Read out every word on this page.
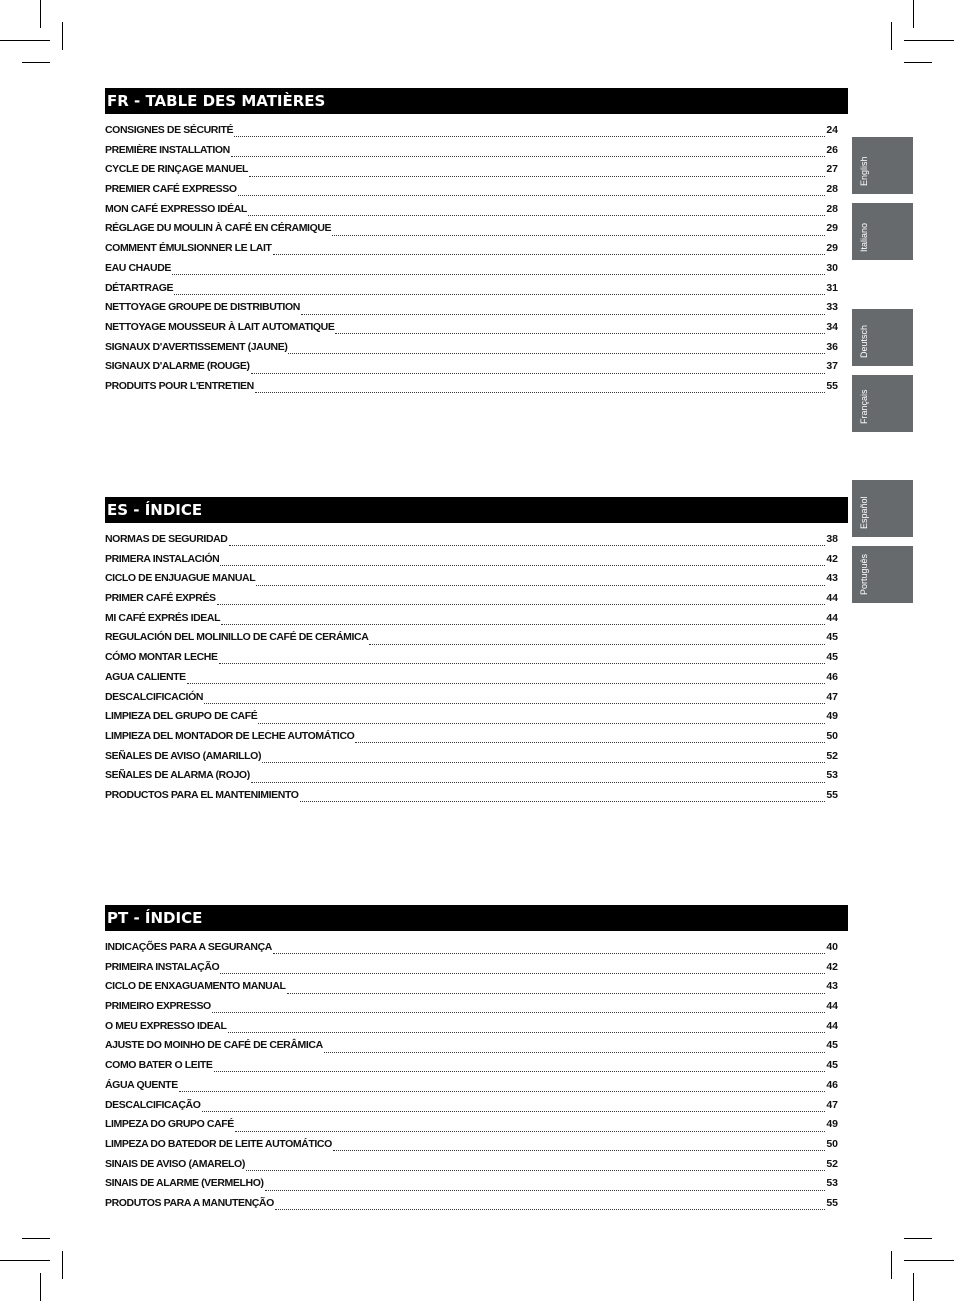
FR - TABLE DES MATIÈRES
CONSIGNES DE SÉCURITÉ	24
PREMIÈRE INSTALLATION	26
CYCLE DE RINÇAGE MANUEL	27
PREMIER CAFÉ EXPRESSO	28
MON CAFÉ EXPRESSO IDÉAL	28
RÉGLAGE DU MOULIN À CAFÉ EN CÉRAMIQUE	29
COMMENT ÉMULSIONNER LE LAIT	29
EAU CHAUDE	30
DÉTARTRAGE	31
NETTOYAGE GROUPE DE DISTRIBUTION	33
NETTOYAGE MOUSSEUR À LAIT AUTOMATIQUE	34
SIGNAUX D'AVERTISSEMENT (JAUNE)	36
SIGNAUX D'ALARME (ROUGE)	37
PRODUITS POUR L'ENTRETIEN	55
ES - ÍNDICE
NORMAS DE SEGURIDAD	38
PRIMERA INSTALACIÓN	42
CICLO DE ENJUAGUE MANUAL	43
PRIMER CAFÉ EXPRÉS	44
MI CAFÉ EXPRÉS IDEAL	44
REGULACIÓN DEL MOLINILLO DE CAFÉ DE CERÁMICA	45
CÓMO MONTAR LECHE	45
AGUA CALIENTE	46
DESCALCIFICACIÓN	47
LIMPIEZA DEL GRUPO DE CAFÉ	49
LIMPIEZA DEL MONTADOR DE LECHE AUTOMÁTICO	50
SEÑALES DE AVISO (AMARILLO)	52
SEÑALES DE ALARMA (ROJO)	53
PRODUCTOS PARA EL MANTENIMIENTO	55
PT - ÍNDICE
INDICAÇÕES PARA A SEGURANÇA	40
PRIMEIRA INSTALAÇÃO	42
CICLO DE ENXAGUAMENTO MANUAL	43
PRIMEIRO EXPRESSO	44
O MEU EXPRESSO IDEAL	44
AJUSTE DO MOINHO DE CAFÉ DE CERÂMICA	45
COMO BATER O LEITE	45
ÁGUA QUENTE	46
DESCALCIFICAÇÃO	47
LIMPEZA DO GRUPO CAFÉ	49
LIMPEZA DO BATEDOR DE LEITE AUTOMÁTICO	50
SINAIS DE AVISO (AMARELO)	52
SINAIS DE ALARME (VERMELHO)	53
PRODUTOS PARA A MANUTENÇÃO	55
English
Italiano
Deutsch
Français
Español
Português
